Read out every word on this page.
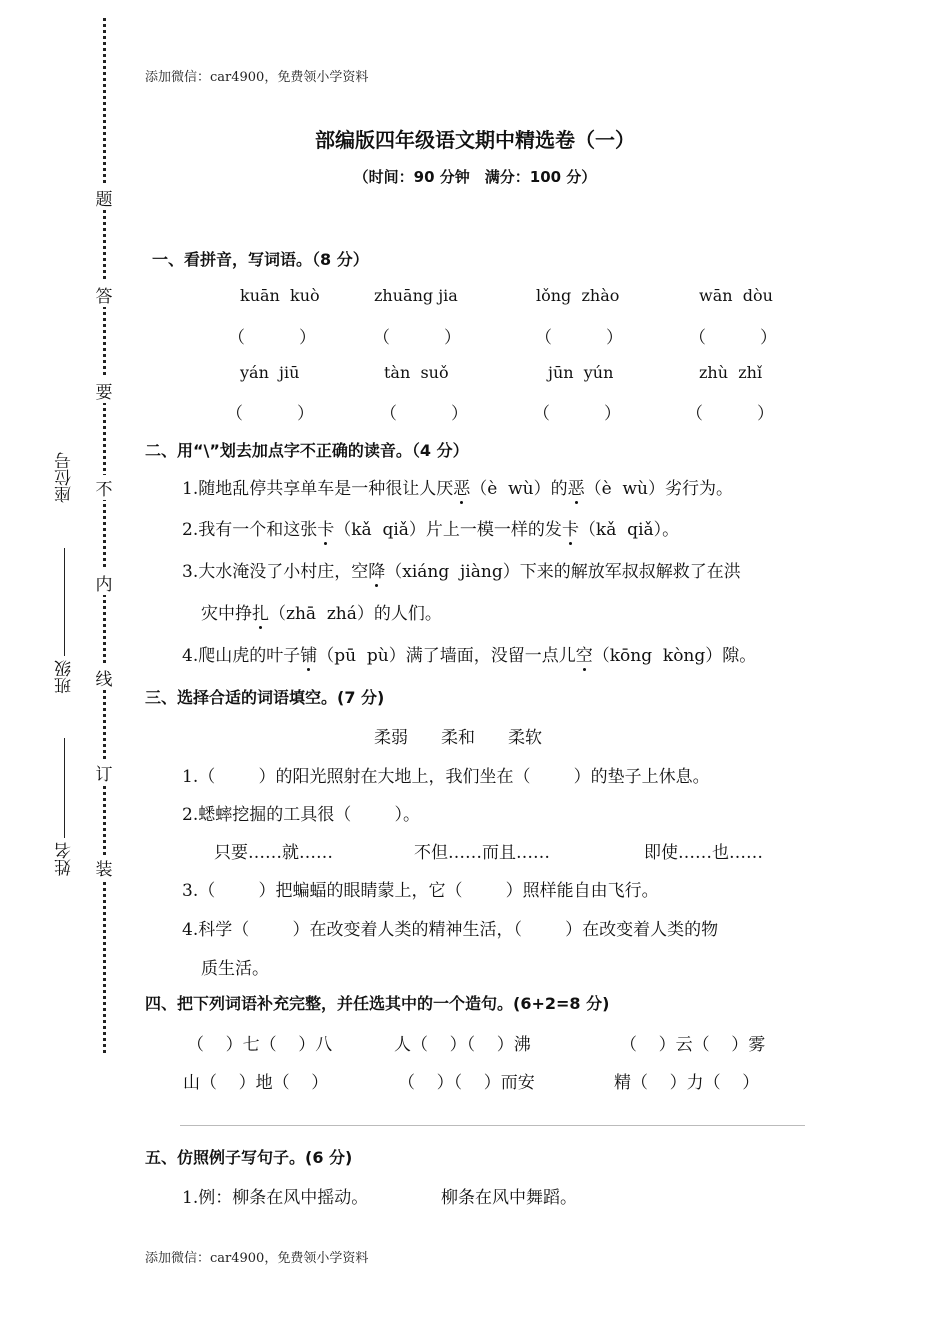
添加微信：car4900，免费领小学资料
题
答
要
不
内
线
订
装
座位号
班级
姓名
部编版四年级语文期中精选卷（一）
（时间：90 分钟　满分：100 分）
一、看拼音，写词语。（8 分）
kuān  kuò	zhuāng jia	lǒng  zhào	wān  dòu
（          ）	（          ）	（          ）	（          ）
yán  jiū	tàn  suǒ	jūn  yún	zhù  zhǐ
（          ）	（          ）	（          ）	（          ）
二、用“\”划去加点字不正确的读音。（4 分）
1.随地乱停共享单车是一种很让人厌恶（è  wù）的恶（è  wù）劣行为。
2.我有一个和这张卡（kǎ  qiǎ）片上一模一样的发卡（kǎ  qiǎ）。
3.大水淹没了小村庄，空降（xiáng  jiàng）下来的解放军叔叔解救了在洪
灾中挣扎（zhā  zhá）的人们。
4.爬山虎的叶子铺（pū  pù）满了墙面，没留一点儿空（kōng  kòng）隙。
三、选择合适的词语填空。(7 分)
柔弱 柔和 柔软
1.（        ）的阳光照射在大地上，我们坐在（        ）的垫子上休息。
2.蟋蟀挖掘的工具很（        ）。
只要……就……	不但……而且……	即使……也……
3.（        ）把蝙蝠的眼睛蒙上，它（        ）照样能自由飞行。
4.科学（        ）在改变着人类的精神生活，（        ）在改变着人类的物
质生活。
四、把下列词语补充完整，并任选其中的一个造句。(6+2=8 分)
（    ）七（    ）八	人（    ）（    ）沸	（    ）云（    ）雾
山（    ）地（    ）	（    ）（    ）而安	精（    ）力（    ）
五、仿照例子写句子。(6 分)
1.例：柳条在风中摇动。	柳条在风中舞蹈。
添加微信：car4900，免费领小学资料
